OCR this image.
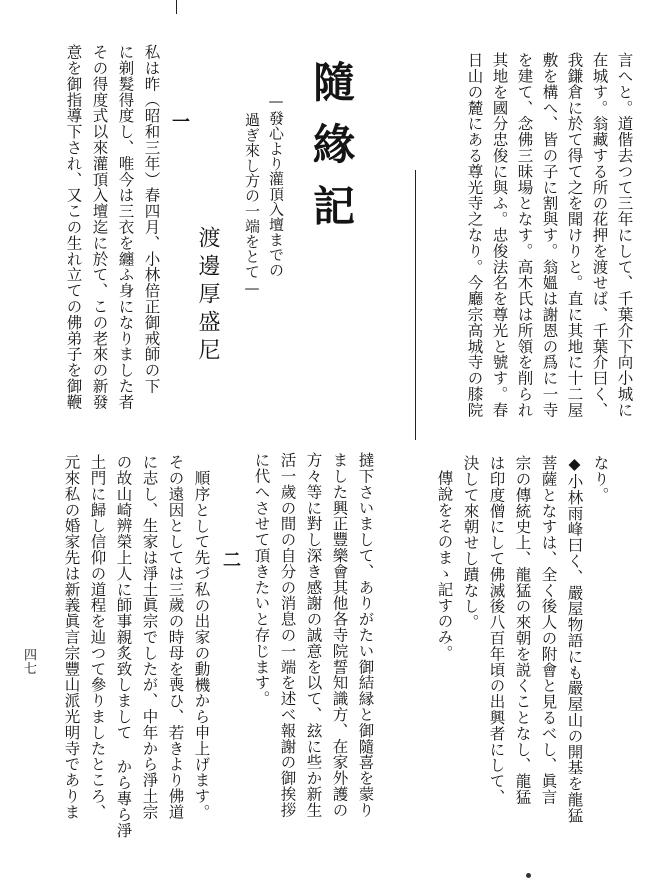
言へと。道偕去つて三年にして、千葉介下向小城に
在城す。翁藏する所の花押を渡せば、千葉介曰く、
我鎌倉に於て得て之を聞けりと。直に其地に十二屋
敷を構へ、皆の子に割與す。翁媼は謝恩の爲に一寺
を建て、念佛三昧場となす。高木氏は所領を削られ
其地を國分忠俊に與ふ。忠俊法名を尊光と號す。春
日山の麓にある尊光寺之なり。今廳宗高城寺の膝院
隨緣記
—發心より灌頂入壇までの
過ぎ來し方の一端をとて—
渡邊厚盛尼
一
私は昨（昭和三年）春四月、小林倍正御戒師の下
に剃髮得度し、唯今は三衣を纏ふ身になりました者
その得度式以來灌頂入壇迄に於て、この老來の新發
意を御指導下され、又この生れ立ての佛弟子を御鞭
なり。
◆小林雨峰曰く、嚴屋物語にも嚴屋山の開基を龍猛
菩薩となすは、全く後人の附會と見るべし、眞言
宗の傳統史上、龍猛の來朝を説くことなし、龍猛
は印度僧にして佛滅後八百年頃の出興者にして、
決して來朝せし蹟なし。
傳說をそのまゝ記すのみ。
撻下さいまして、ありがたい御結縁と御隨喜を蒙り
ました興正豐樂會其他各寺院誓知識方、在家外護の
方々等に對し深き感謝の誠意を以て、玆に些か新生
活一歲の間の自分の消息の一端を述べ報謝の御挨拶
に代へさせて頂きたいと存じます。
二
順序として先づ私の出家の動機から申上げます。
その遠因としては三歲の時母を喪ひ、若きより佛道
に志し、生家は淨土眞宗でしたが、中年から淨土宗
の故山崎辨榮上人に師事親炙致しまして から專ら淨
土門に歸し信仰の道程を辿つて參りましたところ、
元來私の婚家先は新義眞言宗豐山派光明寺でありま
四七
